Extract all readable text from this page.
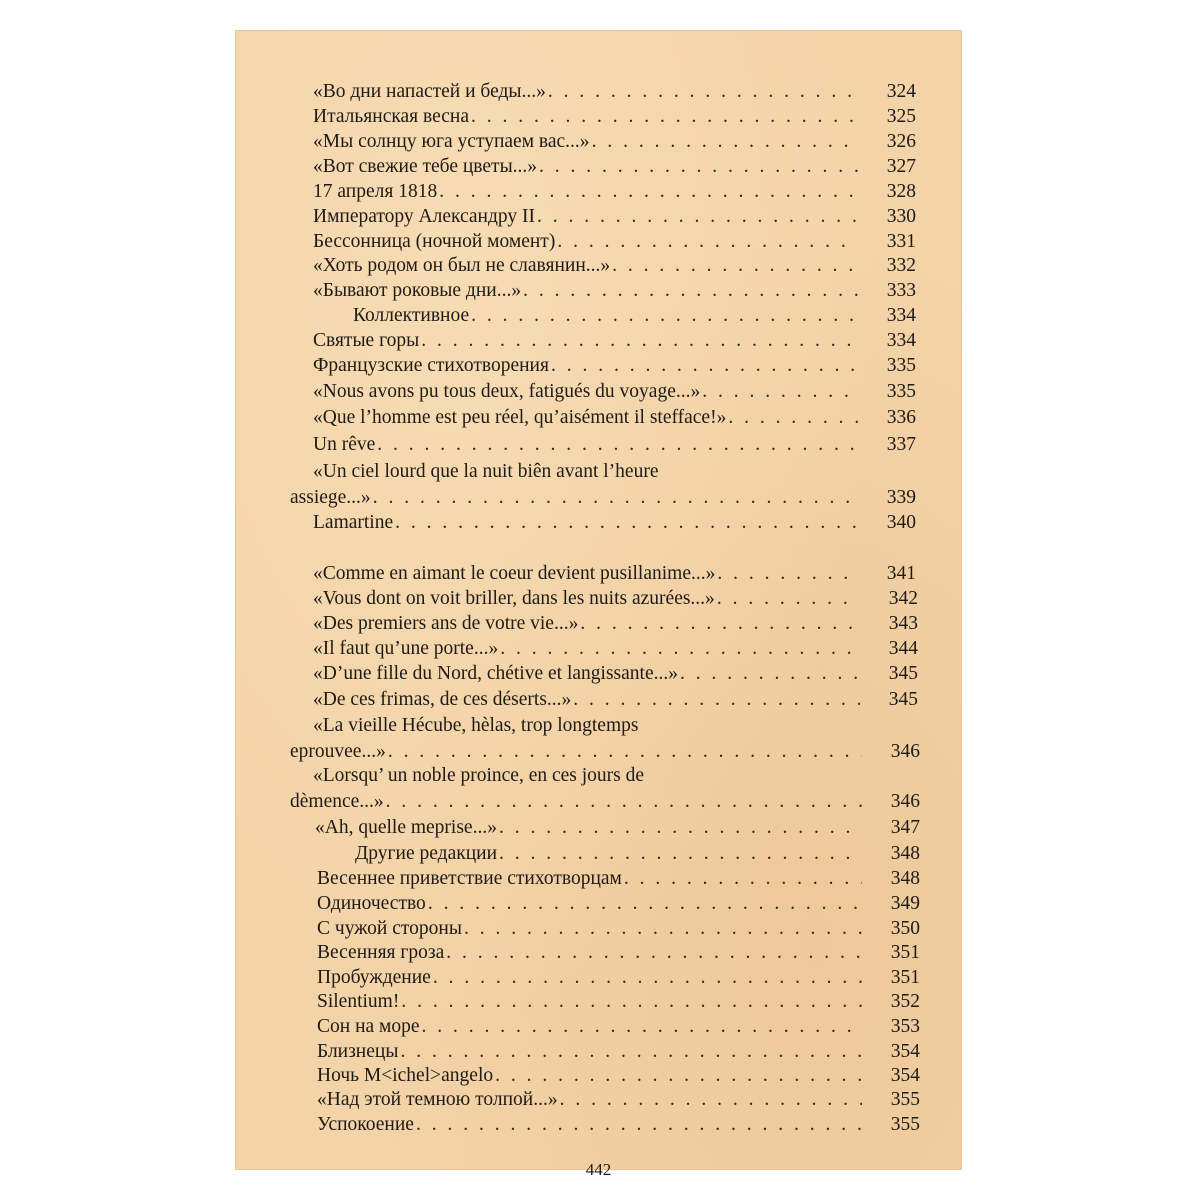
«Во дни напастей и беды...» . . .	324
Итальянская весна . . .	325
«Мы солнцу юга уступаем вас...» . . .	326
«Вот свежие тебе цветы...» . . .	327
17 апреля 1818 . . .	328
Императору Александру II . . .	330
Бессонница (ночной момент) . . .	331
«Хоть родом он был не славянин...» . . .	332
«Бывают роковые дни...» . . .	333
Коллективное . . .	334
Святые горы . . .	334
Французские стихотворения . . .	335
«Nous avons pu tous deux, fatigués du voyage...» . . .	335
«Que l’homme est peu réel, qu’aisément il stefface!» . . .	336
Un rêve . . .	337
«Un ciel lourd que la nuit biên avant l’heure
assiege...» . . .	339
Lamartine . . .	340
«Comme en aimant le coeur devient pusillanime...» . . .	341
«Vous dont on voit briller, dans les nuits azurées...» . . .	342
«Des premiers ans de votre vie...» . . .	343
«Il faut qu’une porte...» . . .	344
«D’une fille du Nord, chétive et langissante...» . . .	345
«De ces frimas, de ces déserts...» . . .	345
«La vieille Hécube, hèlas, trop longtemps
eprouvee...» . . .	346
«Lorsqu’ un noble proince, en ces jours de
dèmence...» . . .	346
«Ah, quelle meprise...» . . .	347
Другие редакции . . .	348
Весеннее приветствие стихотворцам . . .	348
Одиночество . . .	349
С чужой стороны . . .	350
Весенняя гроза . . .	351
Пробуждение . . .	351
Silentium! . . .	352
Сон на море . . .	353
Близнецы . . .	354
Ночь M<ichel>angelo . . .	354
«Над этой темною толпой...» . . .	355
Успокоение . . .	355
442
